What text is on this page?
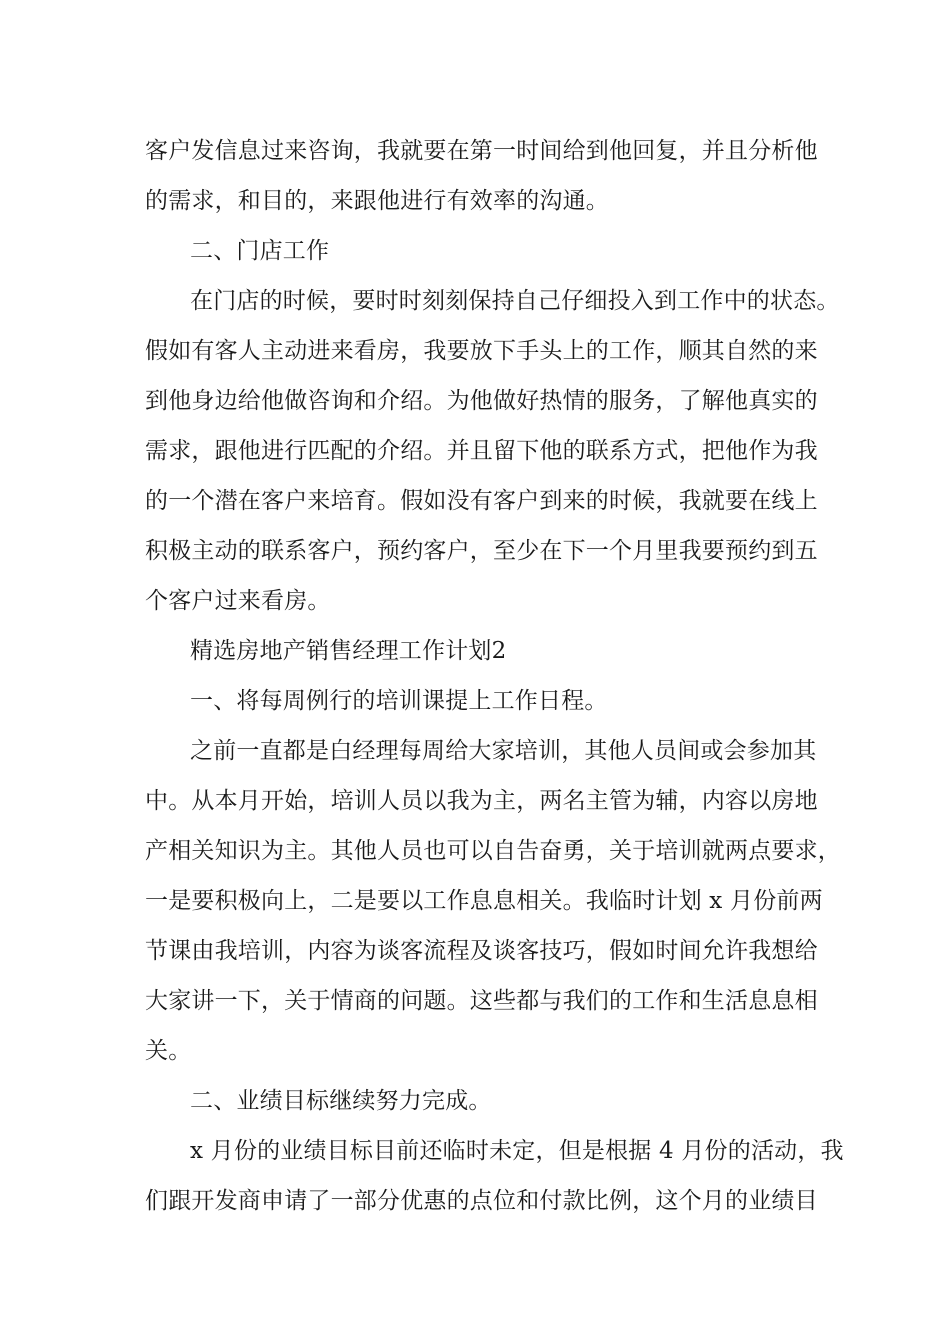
客户发信息过来咨询，我就要在第一时间给到他回复，并且分析他
的需求，和目的，来跟他进行有效率的沟通。
二、门店工作
在门店的时候，要时时刻刻保持自己仔细投入到工作中的状态。
假如有客人主动进来看房，我要放下手头上的工作，顺其自然的来
到他身边给他做咨询和介绍。为他做好热情的服务，了解他真实的
需求，跟他进行匹配的介绍。并且留下他的联系方式，把他作为我
的一个潜在客户来培育。假如没有客户到来的时候，我就要在线上
积极主动的联系客户，预约客户，至少在下一个月里我要预约到五
个客户过来看房。
精选房地产销售经理工作计划2
一、将每周例行的培训课提上工作日程。
之前一直都是白经理每周给大家培训，其他人员间或会参加其
中。从本月开始，培训人员以我为主，两名主管为辅，内容以房地
产相关知识为主。其他人员也可以自告奋勇，关于培训就两点要求，
一是要积极向上，二是要以工作息息相关。我临时计划 x 月份前两
节课由我培训，内容为谈客流程及谈客技巧，假如时间允许我想给
大家讲一下，关于情商的问题。这些都与我们的工作和生活息息相
关。
二、业绩目标继续努力完成。
x 月份的业绩目标目前还临时未定，但是根据 4 月份的活动，我
们跟开发商申请了一部分优惠的点位和付款比例，这个月的业绩目
